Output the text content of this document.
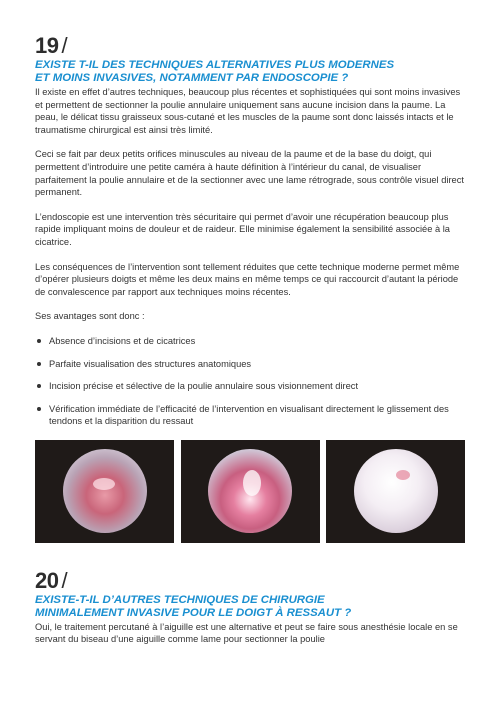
19 /
EXISTE T-IL DES TECHNIQUES ALTERNATIVES PLUS MODERNES
ET MOINS INVASIVES, NOTAMMENT PAR ENDOSCOPIE ?

Il existe en effet d’autres techniques, beaucoup plus récentes et sophistiquées qui sont moins invasives et permettent de sectionner la poulie annulaire uniquement sans aucune incision dans la paume. La peau, le délicat tissu graisseux sous-cutané et les muscles de la paume sont donc laissés intacts et le traumatisme chirurgical est ainsi très limité.

Ceci se fait par deux petits orifices minuscules au niveau de la paume et de la base du doigt, qui permettent d’introduire une petite caméra à haute définition à l’intérieur du canal, de visualiser parfaitement la poulie annulaire et de la sectionner avec une lame rétrograde, sous contrôle visuel direct permanent.

L’endoscopie est une intervention très sécuritaire qui permet d’avoir une récupération beaucoup plus rapide impliquant moins de douleur et de raideur. Elle minimise également la sensibilité associée à la cicatrice.

Les conséquences de l’intervention sont tellement réduites que cette technique moderne permet même d’opérer plusieurs doigts et même les deux mains en même temps ce qui raccourcit d’autant la période de convalescence par rapport aux techniques moins récentes.

Ses avantages sont donc :

Absence d’incisions et de cicatrices
Parfaite visualisation des structures anatomiques
Incision précise et sélective de la poulie annulaire sous visionnement direct
Vérification immédiate de l’efficacité de l’intervention en visualisant directement le glissement des tendons et la disparition du ressaut
20 /
EXISTE-T-IL D’AUTRES TECHNIQUES DE CHIRURGIE
MINIMALEMENT INVASIVE POUR LE DOIGT À RESSAUT ?

Oui, le traitement percutané à l’aiguille est une alternative et peut se faire sous anesthésie locale en se servant du biseau d’une aiguille comme lame pour sectionner la poulie
